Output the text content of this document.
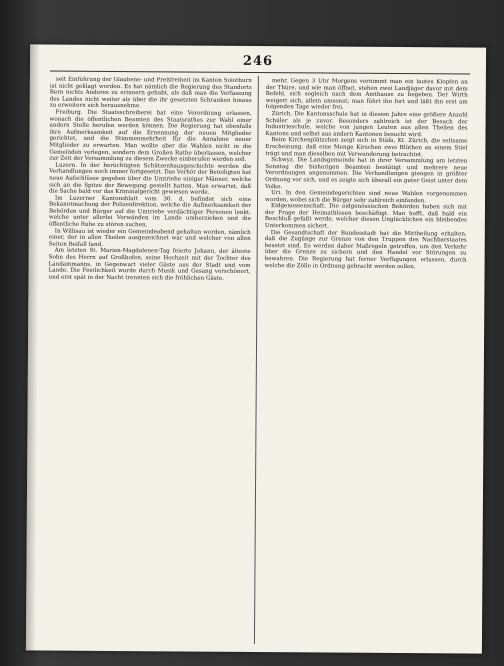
246

seit Einführung der Glaubens- und Preßfreiheit im Kanton Solothurn ist nicht geklagt worden. Es hat nämlich die Regierung des Standorts Bern nichts Anderes zu erinnern gehabt, als daß man die Verfassung des Landes nicht weiter als über die ihr gesetzten Schranken hinaus zu erweitern sich herausnehme.

Freiburg. Die Staatsschreiberei hat eine Verordnung erlassen, wonach die öffentlichen Beamten des Staatsrathes zur Wahl einer andern Stelle berufen werden können. Die Regierung hat ebenfalls ihre Aufmerksamkeit auf die Ernennung der neuen Mitglieder gerichtet, und die Stimmenmehrheit für die Annahme neuer Mitglieder zu erwarten. Man wollte aber die Wahlen nicht in die Gemeinden verlegen, sondern dem Großen Rathe überlassen, welcher zur Zeit der Versammlung zu diesem Zwecke einberufen werden soll.

Luzern. In der berüchtigten Schützenhausgeschichte werden die Verhandlungen noch immer fortgesetzt. Das Verhör der Beteiligten hat neue Aufschlüsse gegeben über die Umtriebe einiger Männer, welche sich an die Spitze der Bewegung gestellt hatten. Man erwartet, daß die Sache bald vor das Kriminalgericht gewiesen werde.

Im Luzerner Kantonsblatt vom 30. d. befindet sich eine Bekanntmachung der Polizeidirektion, welche die Aufmerksamkeit der Behörden und Bürger auf die Umtriebe verdächtiger Personen lenkt, welche unter allerlei Vorwänden im Lande umherziehen und die öffentliche Ruhe zu stören suchen.

In Willisau ist wieder ein Gemeindeabend gehalten worden, nämlich einer, der in allen Theilen ausgezeichnet war und welcher von allen Seiten Beifall fand.

Am letzten St. Marien-Magdalenen-Tag feierte Johann, der älteste Sohn des Herrn auf Großhofen, seine Hochzeit mit der Tochter des Landammanns, in Gegenwart vieler Gäste aus der Stadt und vom Lande. Die Festlichkeit wurde durch Musik und Gesang verschönert, und erst spät in der Nacht trennten sich die fröhlichen Gäste.

mehr. Gegen 3 Uhr Morgens vernimmt man ein lautes Klopfen an der Thüre, und wie man öffnet, stehen zwei Landjäger davor mit dem Befehl, sich sogleich nach dem Amthause zu begeben. Der Wirth weigert sich, allein umsonst; man führt ihn fort und läßt ihn erst am folgenden Tage wieder frei.

Zürich. Die Kantonsschule hat in diesem Jahre eine größere Anzahl Schüler als je zuvor. Besonders zahlreich ist der Besuch der Industrieschule, welche von jungen Leuten aus allen Theilen des Kantons und selbst aus andern Kantonen besucht wird.

Beim Kirchenplätzchen zeigt sich in Stäfa, Kt. Zürich, die seltsame Erscheinung, daß eine Menge Kirschen zwei Blüthen an einem Stiel trägt und man dieselben mit Verwunderung betrachtet.

Schwyz. Die Landsgemeinde hat in ihrer Versammlung am letzten Sonntag die bisherigen Beamten bestätigt und mehrere neue Verordnungen angenommen. Die Verhandlungen giengen in größter Ordnung vor sich, und es zeigte sich überall ein guter Geist unter dem Volke.

Uri. In den Gemeindegerichten sind neue Wahlen vorgenommen worden, wobei sich die Bürger sehr zahlreich einfanden.

Eidgenossenschaft. Die eidgenössischen Behörden haben sich mit der Frage der Heimathlosen beschäftigt. Man hofft, daß bald ein Beschluß gefaßt werde, welcher diesen Unglücklichen ein bleibendes Unterkommen sichert.

Die Gesandtschaft der Bundesstadt hat die Mittheilung erhalten, daß die Zugänge zur Grenze von den Truppen des Nachbarstaates besetzt sind. Es werden daher Maßregeln getroffen, um den Verkehr über die Grenze zu sichern und den Handel vor Störungen zu bewahren. Die Regierung hat ferner Verfügungen erlassen, durch welche die Zölle in Ordnung gebracht werden sollen.
